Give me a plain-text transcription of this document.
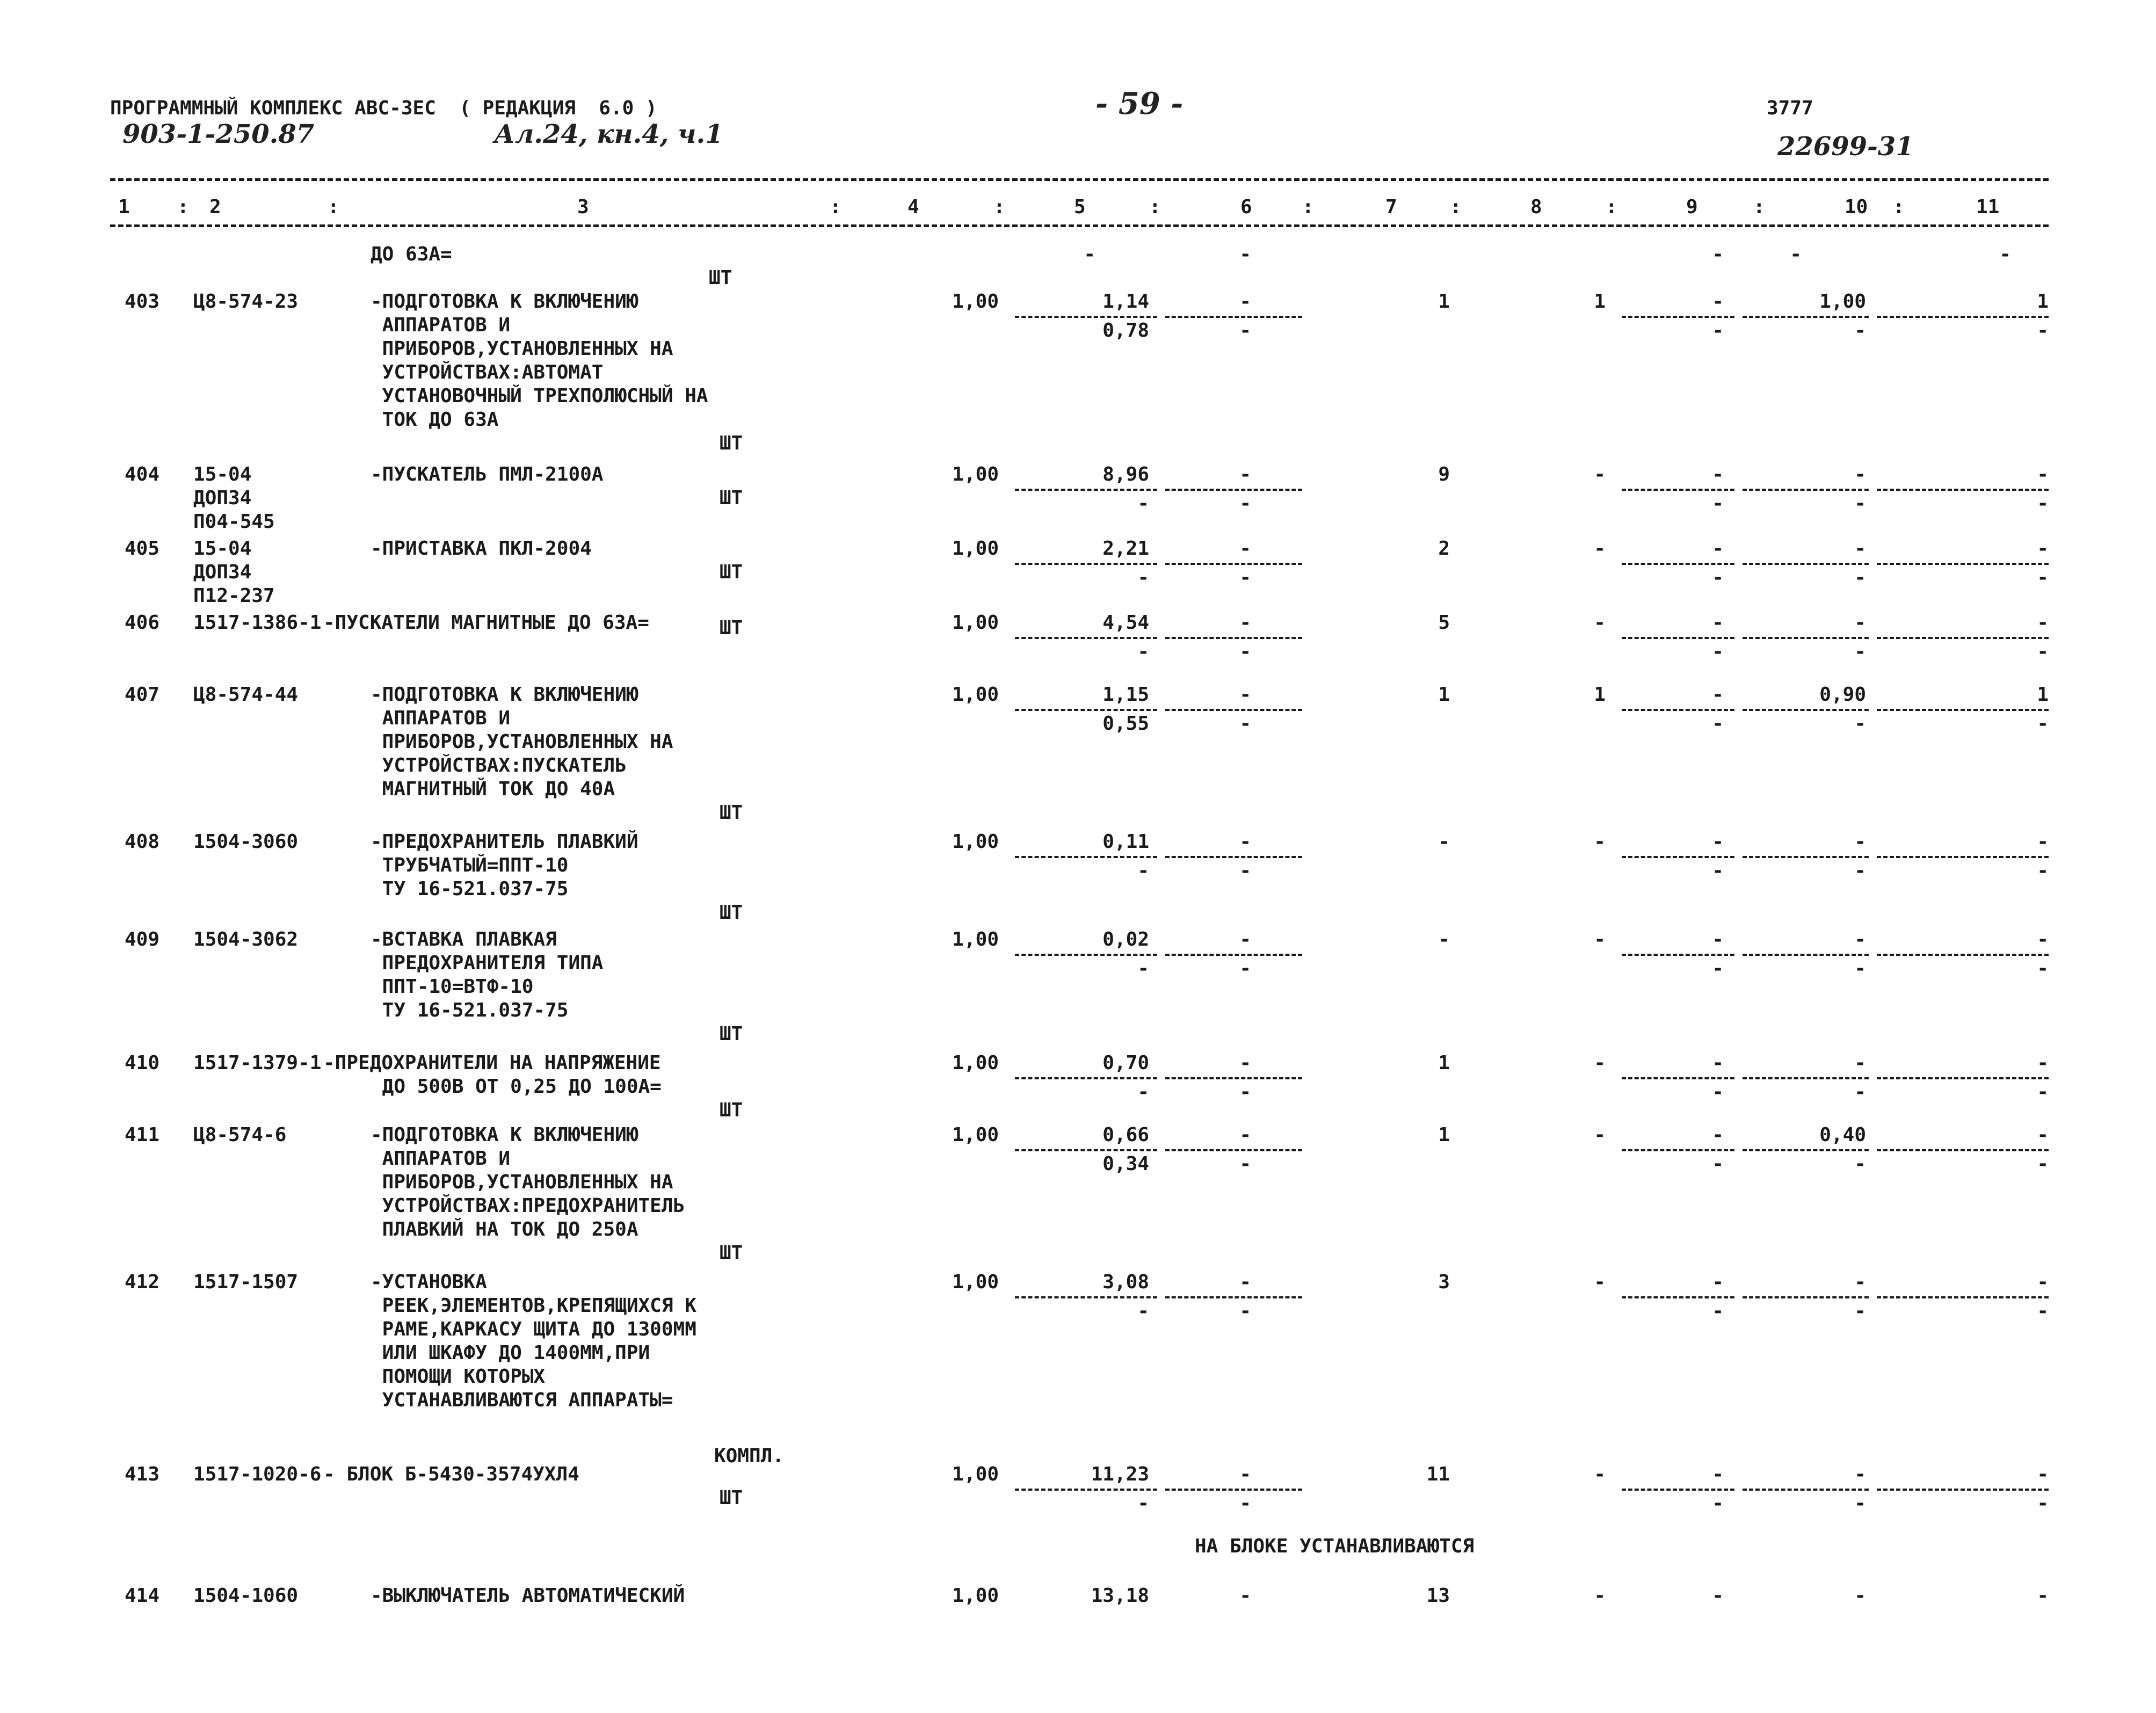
ПРОГРАММНЫЙ КОМПЛЕКС АВС-3ЕС  ( РЕДАКЦИЯ  6.0 )
903-1-250.87	Ал.24, кн.4, ч.1
- 59 -	3777
22699-31
1 : 2	:	3	:	4	:	5	:	6	:	7	:	8	:	9	:	10 :	11
ДО 63А=
ШТ
-	-	-	-	-
403 Ц8-574-23	-ПОДГОТОВКА К ВКЛЮЧЕНИЮ
АППАРАТОВ И
ПРИБОРОВ,УСТАНОВЛЕННЫХ НА
УСТРОЙСТВАХ:АВТОМАТ
УСТАНОВОЧНЫЙ ТРЕХПОЛЮСНЫЙ НА
ТОК ДО 63А
ШТ
1,00	1,14	-	1	1	-	1,00	1
0,78	-	-	-	-
404 15-04
ДОП34
П04-545
-ПУСКАТЕЛЬ ПМЛ-2100А
ШТ
1,00	8,96	-	9	-	-	-	-
-	-	-	-	-
405 15-04
ДОП34
П12-237
-ПРИСТАВКА ПКЛ-2004
ШТ
1,00	2,21	-	2	-	-	-	-
-	-	-	-	-
406 1517-1386-1 -ПУСКАТЕЛИ МАГНИТНЫЕ ДО 63А=	ШТ	1,00	4,54	-	5	-	-	-	-
-	-	-	-	-
407 Ц8-574-44	-ПОДГОТОВКА К ВКЛЮЧЕНИЮ
АППАРАТОВ И
ПРИБОРОВ,УСТАНОВЛЕННЫХ НА
УСТРОЙСТВАХ:ПУСКАТЕЛЬ
МАГНИТНЫЙ ТОК ДО 40А
ШТ
1,00	1,15	-	1	1	-	0,90	1
0,55	-	-	-	-
408 1504-3060	-ПРЕДОХРАНИТЕЛЬ ПЛАВКИЙ
ТРУБЧАТЫЙ=ППТ-10
ТУ 16-521.037-75
ШТ
1,00	0,11	-	-	-	-	-	-
-	-	-	-	-
409 1504-3062	-ВСТАВКА ПЛАВКАЯ
ПРЕДОХРАНИТЕЛЯ ТИПА
ППТ-10=ВТФ-10
ТУ 16-521.037-75
ШТ
1,00	0,02	-	-	-	-	-	-
-	-	-	-	-
410 1517-1379-1 -ПРЕДОХРАНИТЕЛИ НА НАПРЯЖЕНИЕ
ДО 500В ОТ 0,25 ДО 100А=
ШТ
1,00	0,70	-	1	-	-	-	-
-	-	-	-	-
411 Ц8-574-6	-ПОДГОТОВКА К ВКЛЮЧЕНИЮ
АППАРАТОВ И
ПРИБОРОВ,УСТАНОВЛЕННЫХ НА
УСТРОЙСТВАХ:ПРЕДОХРАНИТЕЛЬ
ПЛАВКИЙ НА ТОК ДО 250А
ШТ
1,00	0,66	-	1	-	-	0,40	-
0,34	-	-	-	-
412 1517-1507	-УСТАНОВКА
РЕЕК,ЭЛЕМЕНТОВ,КРЕПЯЩИХСЯ К
РАМЕ,КАРКАСУ ЩИТА ДО 1300ММ
ИЛИ ШКАФУ ДО 1400ММ,ПРИ
ПОМОЩИ КОТОРЫХ
УСТАНАВЛИВАЮТСЯ АППАРАТЫ=
КОМПЛ.
1,00	3,08	-	3	-	-	-	-
-	-	-	-	-
413 1517-1020-6 - БЛОК Б-5430-3574УХЛ4
ШТ
1,00	11,23	-	11	-	-	-	-
-	-	-	-	-
414 1504-1060	-ВЫКЛЮЧАТЕЛЬ АВТОМАТИЧЕСКИЙ	1,00	13,18	-	13	-	-	-	-
НА БЛОКЕ УСТАНАВЛИВАЮТСЯ
